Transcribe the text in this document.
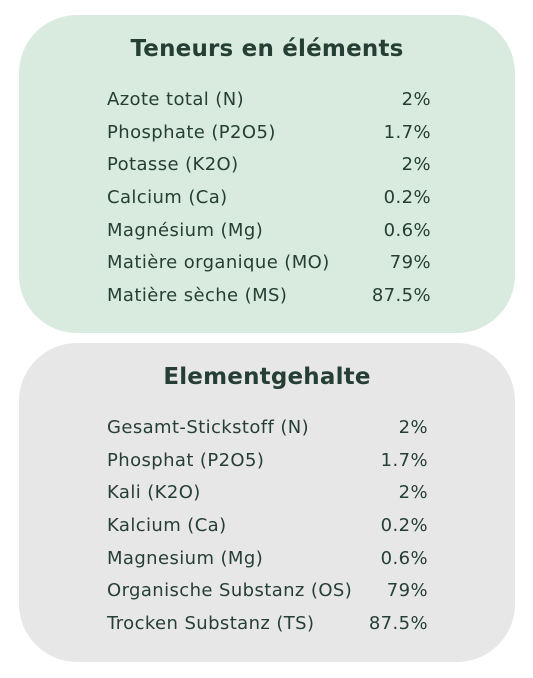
Teneurs en éléments
Azote total (N)	2%
Phosphate (P2O5)	1.7%
Potasse (K2O)	2%
Calcium (Ca)	0.2%
Magnésium (Mg)	0.6%
Matière organique (MO)	79%
Matière sèche (MS)	87.5%
Elementgehalte
Gesamt-Stickstoff (N)	2%
Phosphat (P2O5)	1.7%
Kali (K2O)	2%
Kalcium (Ca)	0.2%
Magnesium (Mg)	0.6%
Organische Substanz (OS) 79%
Trocken Substanz (TS)	87.5%
